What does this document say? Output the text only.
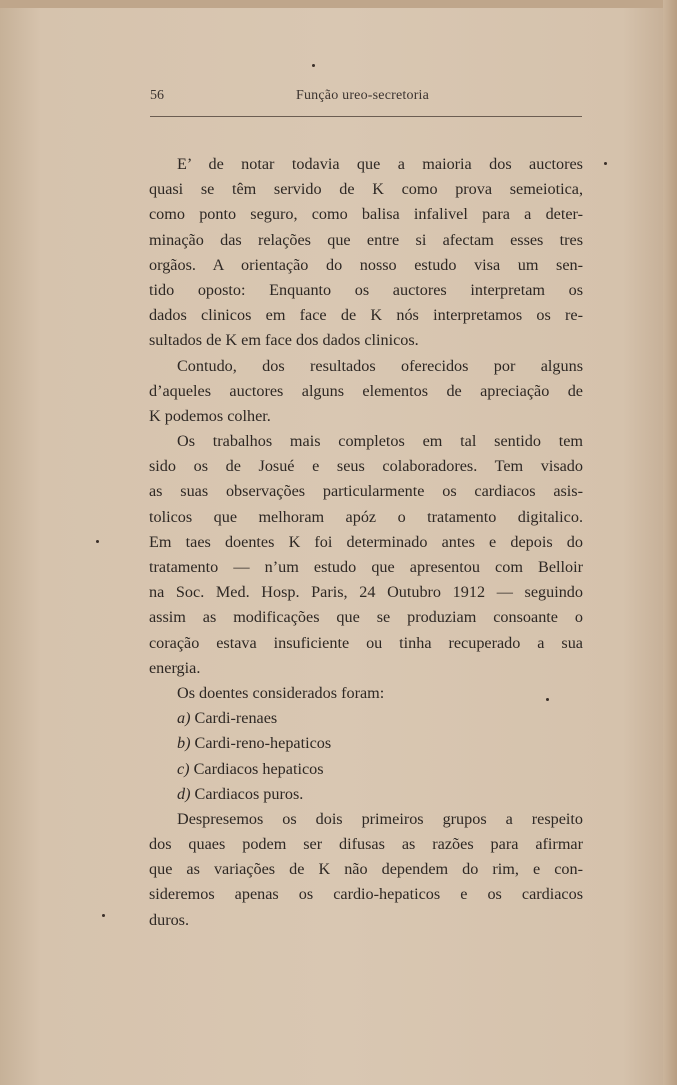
56	Função ureo-secretoria
E’ de notar todavia que a maioria dos auctores
quasi se têm servido de K como prova semeiotica,
como ponto seguro, como balisa infalivel para a deter-
minação das relações que entre si afectam esses tres
orgãos. A orientação do nosso estudo visa um sen-
tido oposto: Enquanto os auctores interpretam os
dados clinicos em face de K nós interpretamos os re-
sultados de K em face dos dados clinicos.
Contudo, dos resultados oferecidos por alguns
d’aqueles auctores alguns elementos de apreciação de
K podemos colher.
Os trabalhos mais completos em tal sentido tem
sido os de Josué e seus colaboradores. Tem visado
as suas observações particularmente os cardiacos asis-
tolicos que melhoram apóz o tratamento digitalico.
Em taes doentes K foi determinado antes e depois do
tratamento — n’um estudo que apresentou com Belloir
na Soc. Med. Hosp. Paris, 24 Outubro 1912 — seguindo
assim as modificações que se produziam consoante o
coração estava insuficiente ou tinha recuperado a sua
energia.
Os doentes considerados foram:
a) Cardi-renaes
b) Cardi-reno-hepaticos
c) Cardiacos hepaticos
d) Cardiacos puros.
Despresemos os dois primeiros grupos a respeito
dos quaes podem ser difusas as razões para afirmar
que as variações de K não dependem do rim, e con-
sideremos apenas os cardio-hepaticos e os cardiacos
duros.
